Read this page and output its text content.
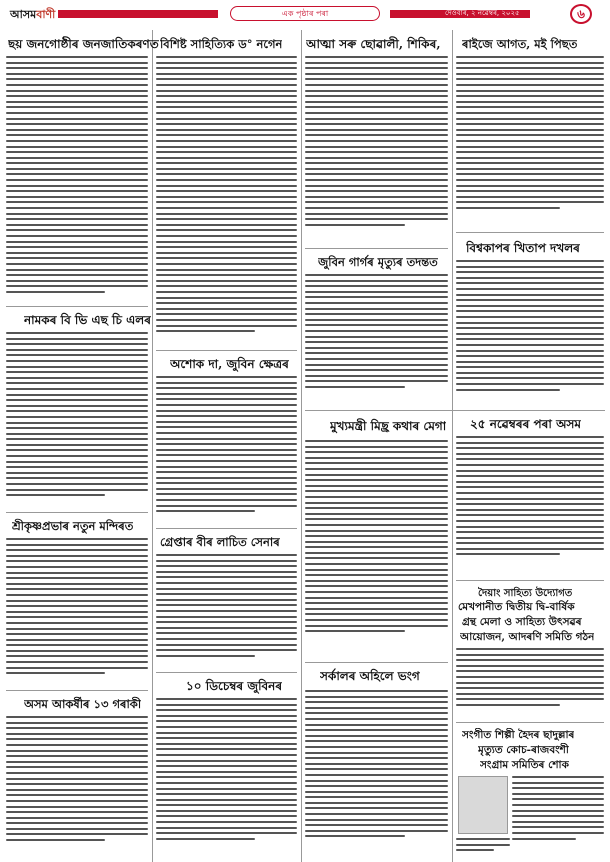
আসমবাণী	এক পৃষ্ঠাৰ পৰা	দেওবাৰ, ২ নৱেম্বৰ, ২০২৫	৬
ছয় জনগোষ্ঠীৰ জনজাতিকৰণত
নামকৰ বি ভি এছ চি এলৰ
শ্ৰীকৃষ্ণপ্ৰভাৰ নতুন মন্দিৰত
অসম আকৰ্ষীৰ ১৩ গৰাকী
বিশিষ্ট সাহিত্যিক ড° নগেন
অশোক দা, জুবিন ক্ষেত্ৰৰ
গ্ৰেপ্তাৰ বীৰ লাচিত সেনাৰ
১০ ডিচেম্বৰ জুবিনৰ
আত্মা সৰু ছোৱালী, শিকিৰ,
জুবিন গাৰ্গৰ মৃত্যুৰ তদন্তত
মুখ্যমন্ত্ৰী মিছ্ৰ কথাৰ মেগা
সৰ্কালৰ অহিলে ভংগ
ৰাইজে আগত, মই পিছত
বিশ্বকাপৰ খিতাপ দখলৰ
২৫ নৱেম্বৰৰ পৰা অসম
দৈয়াং সাহিত্য উদ্যোগত
মেখপানীত দ্বিতীয় দ্বি-বাৰ্ষিক
গ্ৰন্থ মেলা ও সাহিত্য উৎসৱৰ
আয়োজন, আদৰণি সমিতি গঠন
সংগীত শিল্পী হৈদৰ ছাদুল্লাৰ
মৃত্যুত কোচ-ৰাজবংশী
সংগ্ৰাম সমিতিৰ শোক
